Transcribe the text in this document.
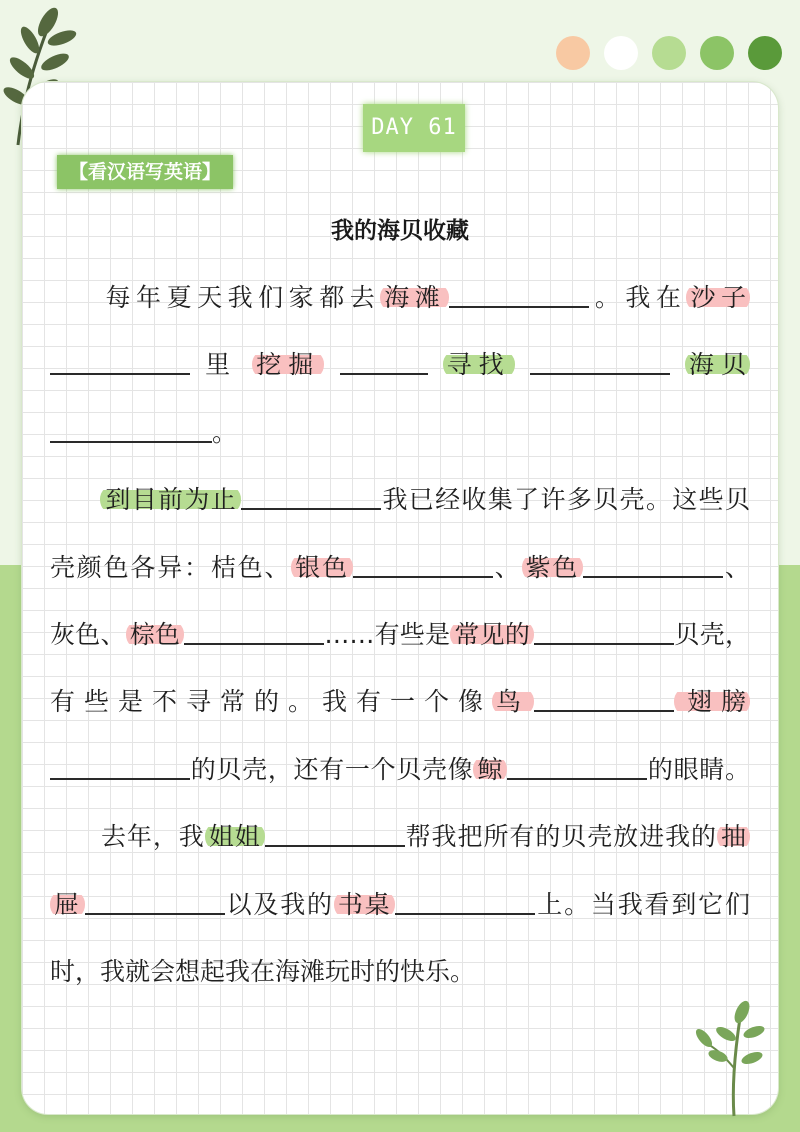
DAY 61
【看汉语写英语】
我的海贝收藏
每年夏天我们家都去 海滩	。我在 沙子
里 挖掘	寻找	海贝
。
到目前为止	我已经收集了许多贝壳。这些贝
壳颜色各异：桔色、 银色	、 紫色	、
灰色、 棕色	……有些是 常见的	贝壳，
有些是不寻常的。我有一个像 鸟	翅膀
的贝壳，还有一个贝壳像 鲸	的眼睛。
去年，我 姐姐	帮我把所有的贝壳放进我的 抽
屉	以及我的 书桌	上。当我看到它们
时，我就会想起我在海滩玩时的快乐。
